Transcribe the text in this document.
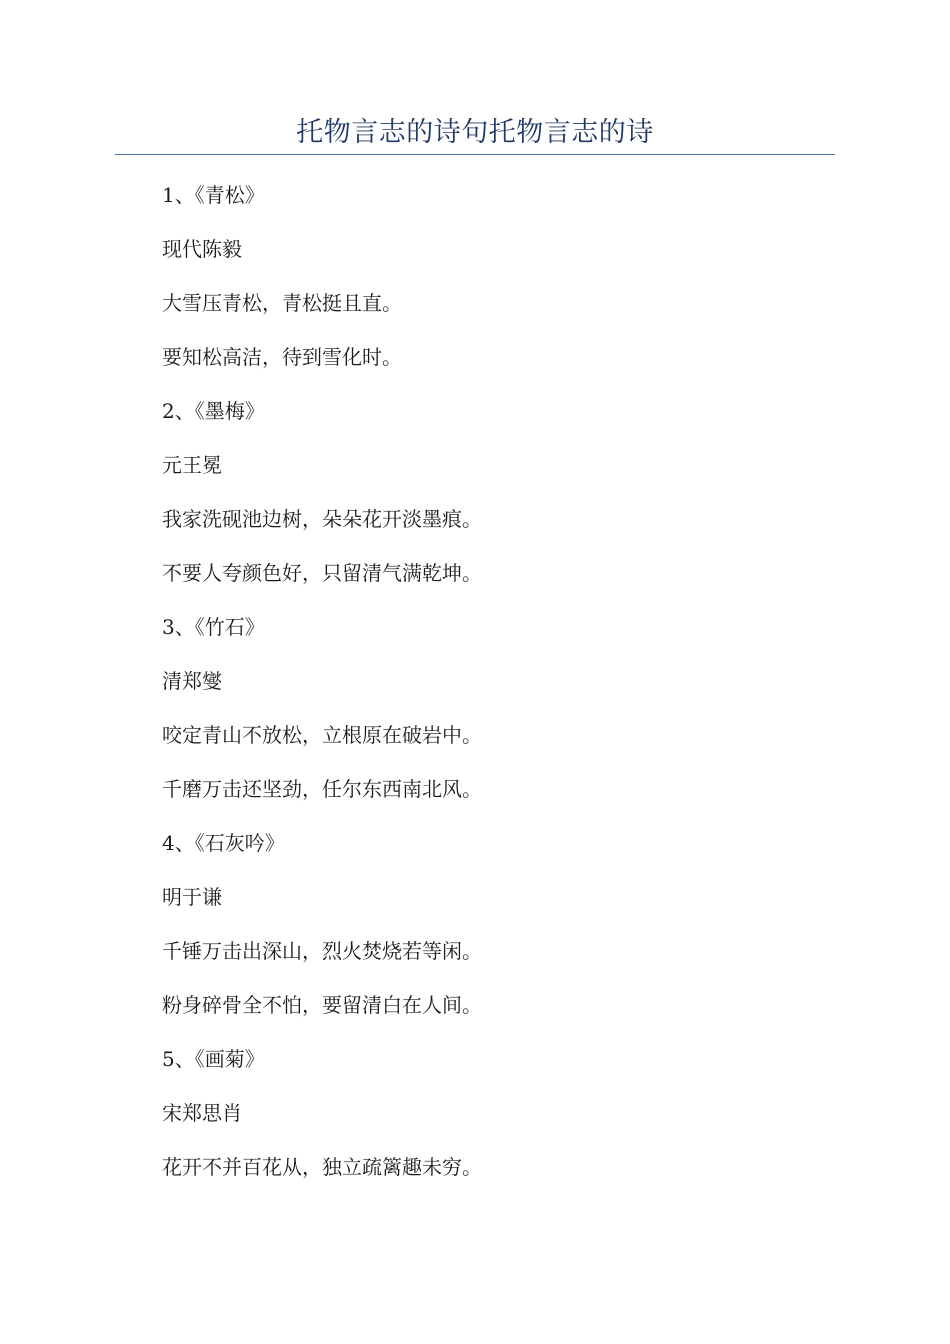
托物言志的诗句托物言志的诗
1、《青松》
现代陈毅
大雪压青松，青松挺且直。
要知松高洁，待到雪化时。
2、《墨梅》
元王冕
我家洗砚池边树，朵朵花开淡墨痕。
不要人夸颜色好，只留清气满乾坤。
3、《竹石》
清郑燮
咬定青山不放松，立根原在破岩中。
千磨万击还坚劲，任尔东西南北风。
4、《石灰吟》
明于谦
千锤万击出深山，烈火焚烧若等闲。
粉身碎骨全不怕，要留清白在人间。
5、《画菊》
宋郑思肖
花开不并百花从，独立疏篱趣未穷。
